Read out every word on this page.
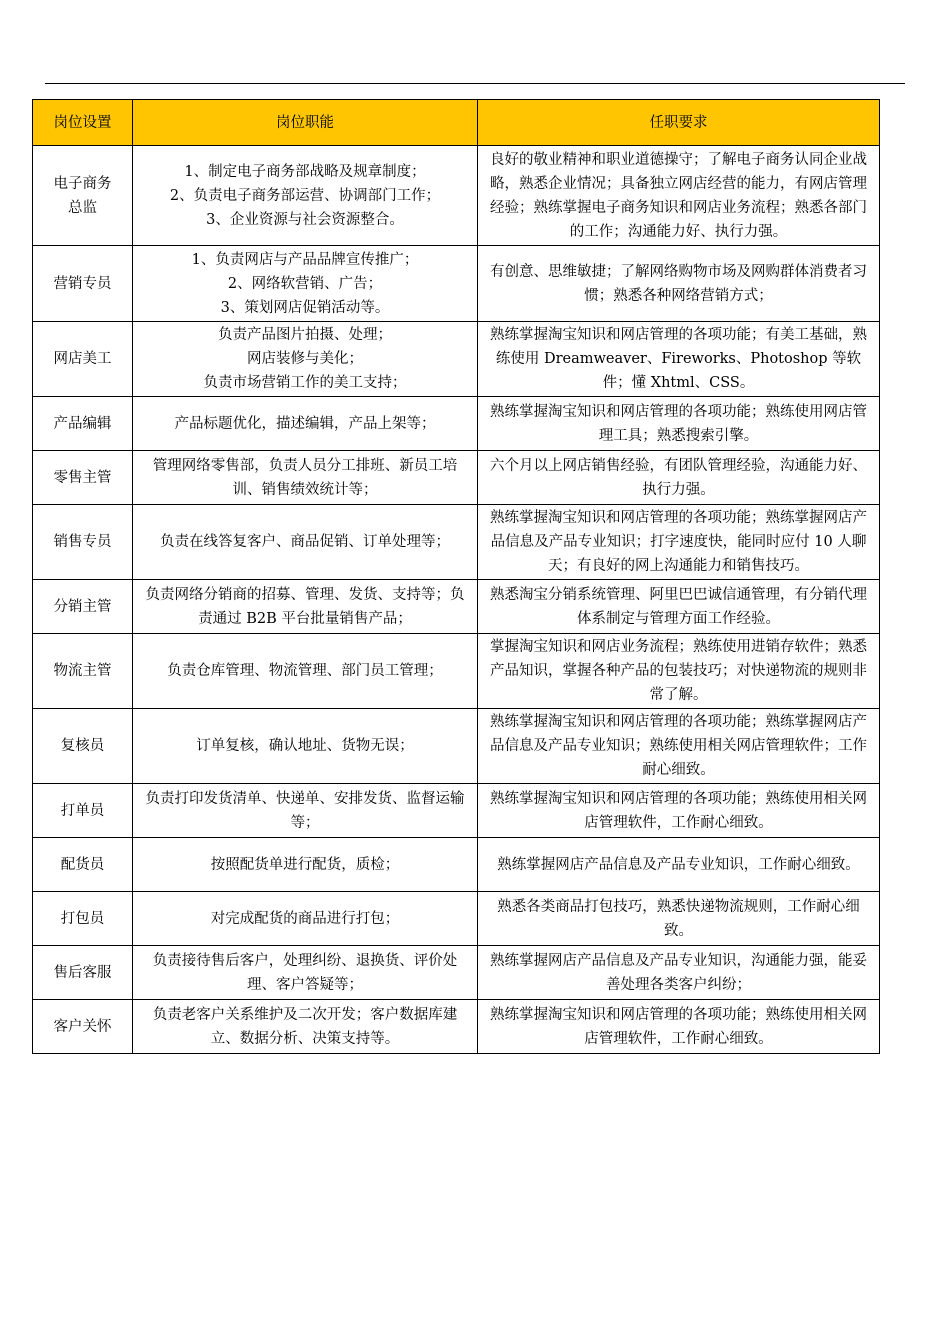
岗位设置	岗位职能	任职要求
电子商务总监	1、制定电子商务部战略及规章制度；
2、负责电子商务部运营、协调部门工作；
3、企业资源与社会资源整合。	良好的敬业精神和职业道德操守；了解电子商务认同企业战略，熟悉企业情况；具备独立网店经营的能力，有网店管理经验；熟练掌握电子商务知识和网店业务流程；熟悉各部门的工作；沟通能力好、执行力强。
营销专员	1、负责网店与产品品牌宣传推广；
2、网络软营销、广告；
3、策划网店促销活动等。	有创意、思维敏捷；了解网络购物市场及网购群体消费者习惯；熟悉各种网络营销方式；
网店美工	负责产品图片拍摄、处理；
网店装修与美化；
负责市场营销工作的美工支持；	熟练掌握淘宝知识和网店管理的各项功能；有美工基础，熟练使用 Dreamweaver、Fireworks、Photoshop 等软件；懂 Xhtml、CSS。
产品编辑	产品标题优化，描述编辑，产品上架等；	熟练掌握淘宝知识和网店管理的各项功能；熟练使用网店管理工具；熟悉搜索引擎。
零售主管	管理网络零售部，负责人员分工排班、新员工培训、销售绩效统计等；	六个月以上网店销售经验，有团队管理经验，沟通能力好、执行力强。
销售专员	负责在线答复客户、商品促销、订单处理等；	熟练掌握淘宝知识和网店管理的各项功能；熟练掌握网店产品信息及产品专业知识；打字速度快，能同时应付 10 人聊天；有良好的网上沟通能力和销售技巧。
分销主管	负责网络分销商的招募、管理、发货、支持等；负责通过 B2B 平台批量销售产品；	熟悉淘宝分销系统管理、阿里巴巴诚信通管理，有分销代理体系制定与管理方面工作经验。
物流主管	负责仓库管理、物流管理、部门员工管理；	掌握淘宝知识和网店业务流程；熟练使用进销存软件；熟悉产品知识，掌握各种产品的包装技巧；对快递物流的规则非常了解。
复核员	订单复核，确认地址、货物无误；	熟练掌握淘宝知识和网店管理的各项功能；熟练掌握网店产品信息及产品专业知识；熟练使用相关网店管理软件；工作耐心细致。
打单员	负责打印发货清单、快递单、安排发货、监督运输等；	熟练掌握淘宝知识和网店管理的各项功能；熟练使用相关网店管理软件，工作耐心细致。
配货员	按照配货单进行配货，质检；	熟练掌握网店产品信息及产品专业知识，工作耐心细致。
打包员	对完成配货的商品进行打包；	熟悉各类商品打包技巧，熟悉快递物流规则，工作耐心细致。
售后客服	负责接待售后客户，处理纠纷、退换货、评价处理、客户答疑等；	熟练掌握网店产品信息及产品专业知识，沟通能力强，能妥善处理各类客户纠纷；
客户关怀	负责老客户关系维护及二次开发；客户数据库建立、数据分析、决策支持等。	熟练掌握淘宝知识和网店管理的各项功能；熟练使用相关网店管理软件，工作耐心细致。
